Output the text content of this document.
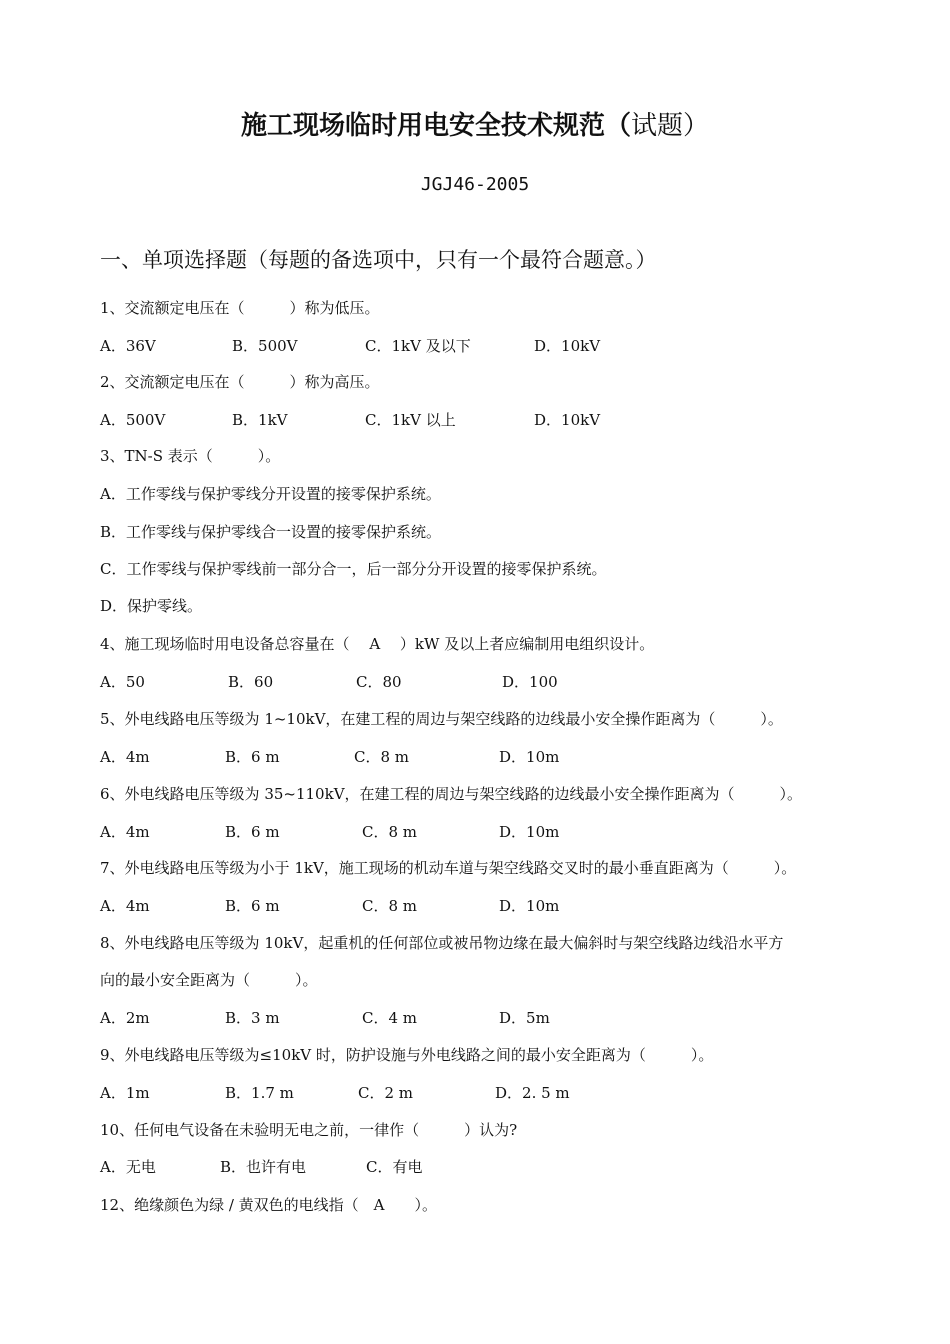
施工现场临时用电安全技术规范（试题）
JGJ46-2005
一、单项选择题（每题的备选项中，只有一个最符合题意。）
1、交流额定电压在（　　　）称为低压。
A．36V	B．500V	C．1kV 及以下	D．10kV
2、交流额定电压在（　　　）称为高压。
A．500V	B．1kV	C．1kV 以上	D．10kV
3、TN-S 表示（　　　）。
A．工作零线与保护零线分开设置的接零保护系统。
B．工作零线与保护零线合一设置的接零保护系统。
C．工作零线与保护零线前一部分合一，后一部分分开设置的接零保护系统。
D．保护零线。
4、施工现场临时用电设备总容量在（　 A　 ）kW 及以上者应编制用电组织设计。
A．50	B．60	C．80	D．100
5、外电线路电压等级为 1~10kV，在建工程的周边与架空线路的边线最小安全操作距离为（　　　）。
A．4m	B．6 m	C．8 m	D．10m
6、外电线路电压等级为 35~110kV，在建工程的周边与架空线路的边线最小安全操作距离为（　　　）。
A．4m	B．6 m	C．8 m	D．10m
7、外电线路电压等级为小于 1kV，施工现场的机动车道与架空线路交叉时的最小垂直距离为（　　　）。
A．4m	B．6 m	C．8 m	D．10m
8、外电线路电压等级为 10kV，起重机的任何部位或被吊物边缘在最大偏斜时与架空线路边线沿水平方
向的最小安全距离为（　　　）。
A．2m	B．3 m	C．4 m	D．5m
9、外电线路电压等级为≤10kV 时，防护设施与外电线路之间的最小安全距离为（　　　）。
A．1m	B．1.7 m	C．2 m	D．2. 5 m
10、任何电气设备在未验明无电之前，一律作（　　　）认为?
A．无电	B．也许有电	C．有电
12、绝缘颜色为绿 / 黄双色的电线指（　A　　）。
